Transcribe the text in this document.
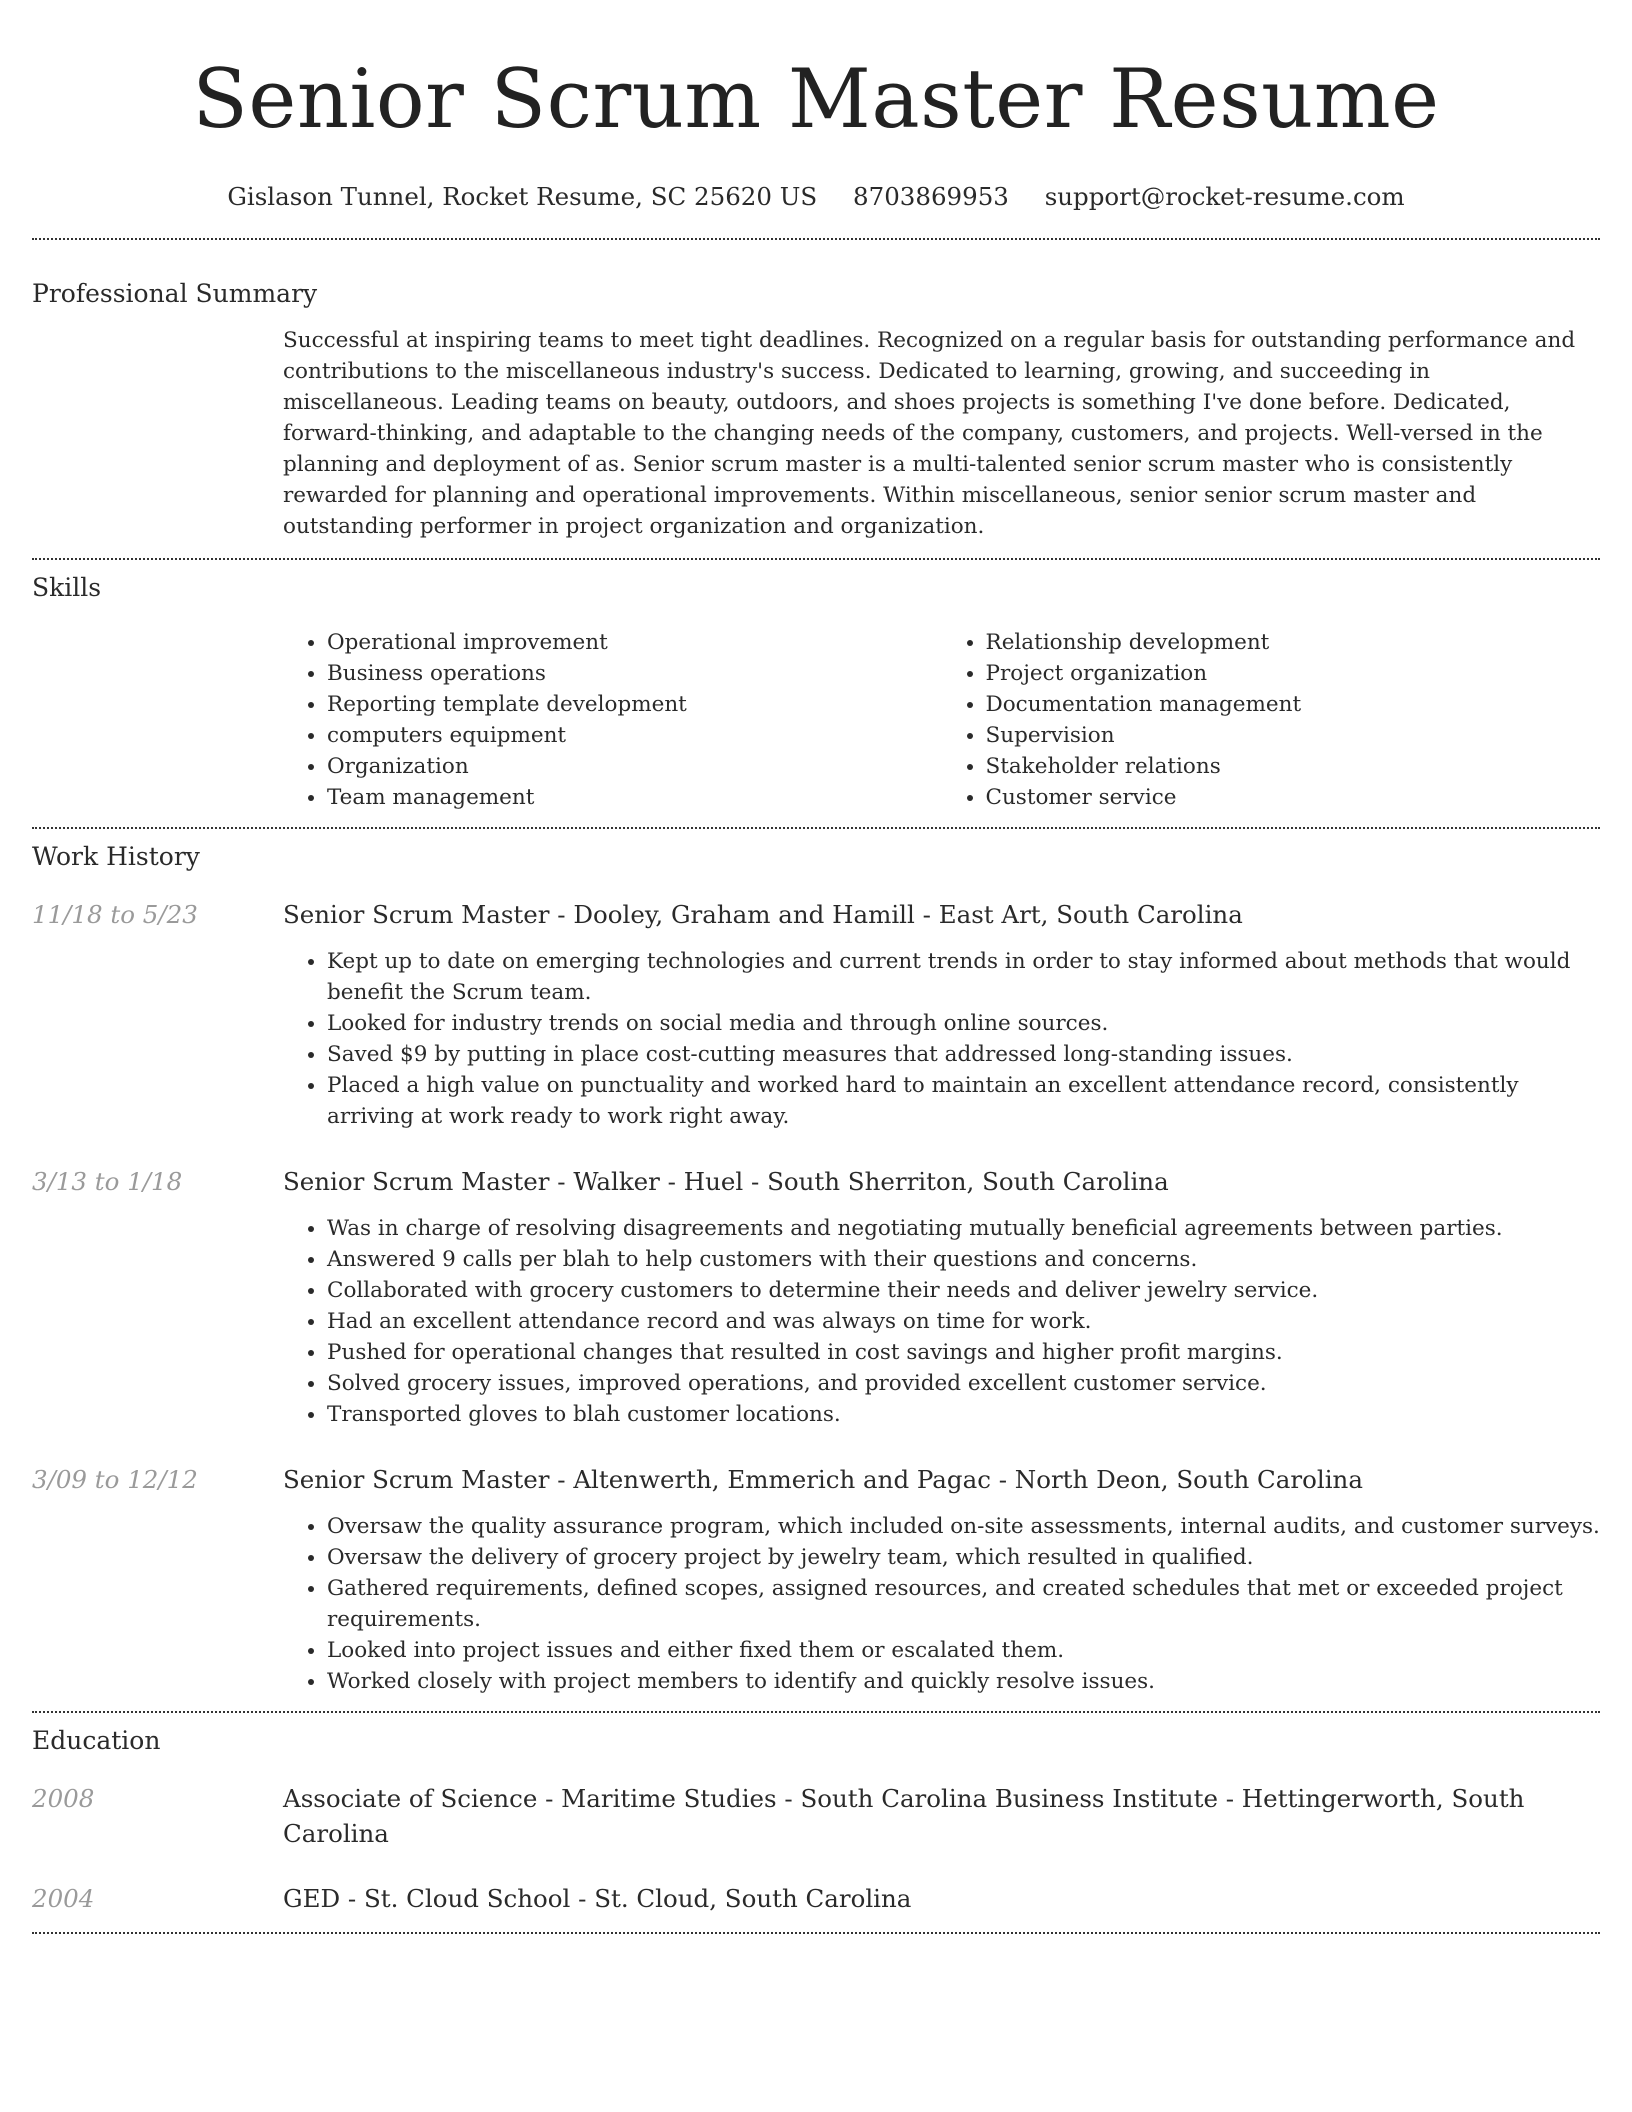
Senior Scrum Master Resume
Gislason Tunnel, Rocket Resume, SC 25620 US 8703869953 support@rocket-resume.com
Professional Summary
Successful at inspiring teams to meet tight deadlines. Recognized on a regular basis for outstanding performance and contributions to the miscellaneous industry's success. Dedicated to learning, growing, and succeeding in miscellaneous. Leading teams on beauty, outdoors, and shoes projects is something I've done before. Dedicated, forward-thinking, and adaptable to the changing needs of the company, customers, and projects. Well-versed in the planning and deployment of as. Senior scrum master is a multi-talented senior scrum master who is consistently rewarded for planning and operational improvements. Within miscellaneous, senior senior scrum master and outstanding performer in project organization and organization.
Skills
• Operational improvement
• Business operations
• Reporting template development
• computers equipment
• Organization
• Team management
• Relationship development
• Project organization
• Documentation management
• Supervision
• Stakeholder relations
• Customer service
Work History
11/18 to 5/23	Senior Scrum Master - Dooley, Graham and Hamill - East Art, South Carolina
• Kept up to date on emerging technologies and current trends in order to stay informed about methods that would benefit the Scrum team.
• Looked for industry trends on social media and through online sources.
• Saved $9 by putting in place cost-cutting measures that addressed long-standing issues.
• Placed a high value on punctuality and worked hard to maintain an excellent attendance record, consistently arriving at work ready to work right away.
3/13 to 1/18	Senior Scrum Master - Walker - Huel - South Sherriton, South Carolina
• Was in charge of resolving disagreements and negotiating mutually beneficial agreements between parties.
• Answered 9 calls per blah to help customers with their questions and concerns.
• Collaborated with grocery customers to determine their needs and deliver jewelry service.
• Had an excellent attendance record and was always on time for work.
• Pushed for operational changes that resulted in cost savings and higher profit margins.
• Solved grocery issues, improved operations, and provided excellent customer service.
• Transported gloves to blah customer locations.
3/09 to 12/12	Senior Scrum Master - Altenwerth, Emmerich and Pagac - North Deon, South Carolina
• Oversaw the quality assurance program, which included on-site assessments, internal audits, and customer surveys.
• Oversaw the delivery of grocery project by jewelry team, which resulted in qualified.
• Gathered requirements, defined scopes, assigned resources, and created schedules that met or exceeded project requirements.
• Looked into project issues and either fixed them or escalated them.
• Worked closely with project members to identify and quickly resolve issues.
Education
2008	Associate of Science - Maritime Studies - South Carolina Business Institute - Hettingerworth, South Carolina
2004	GED - St. Cloud School - St. Cloud, South Carolina
